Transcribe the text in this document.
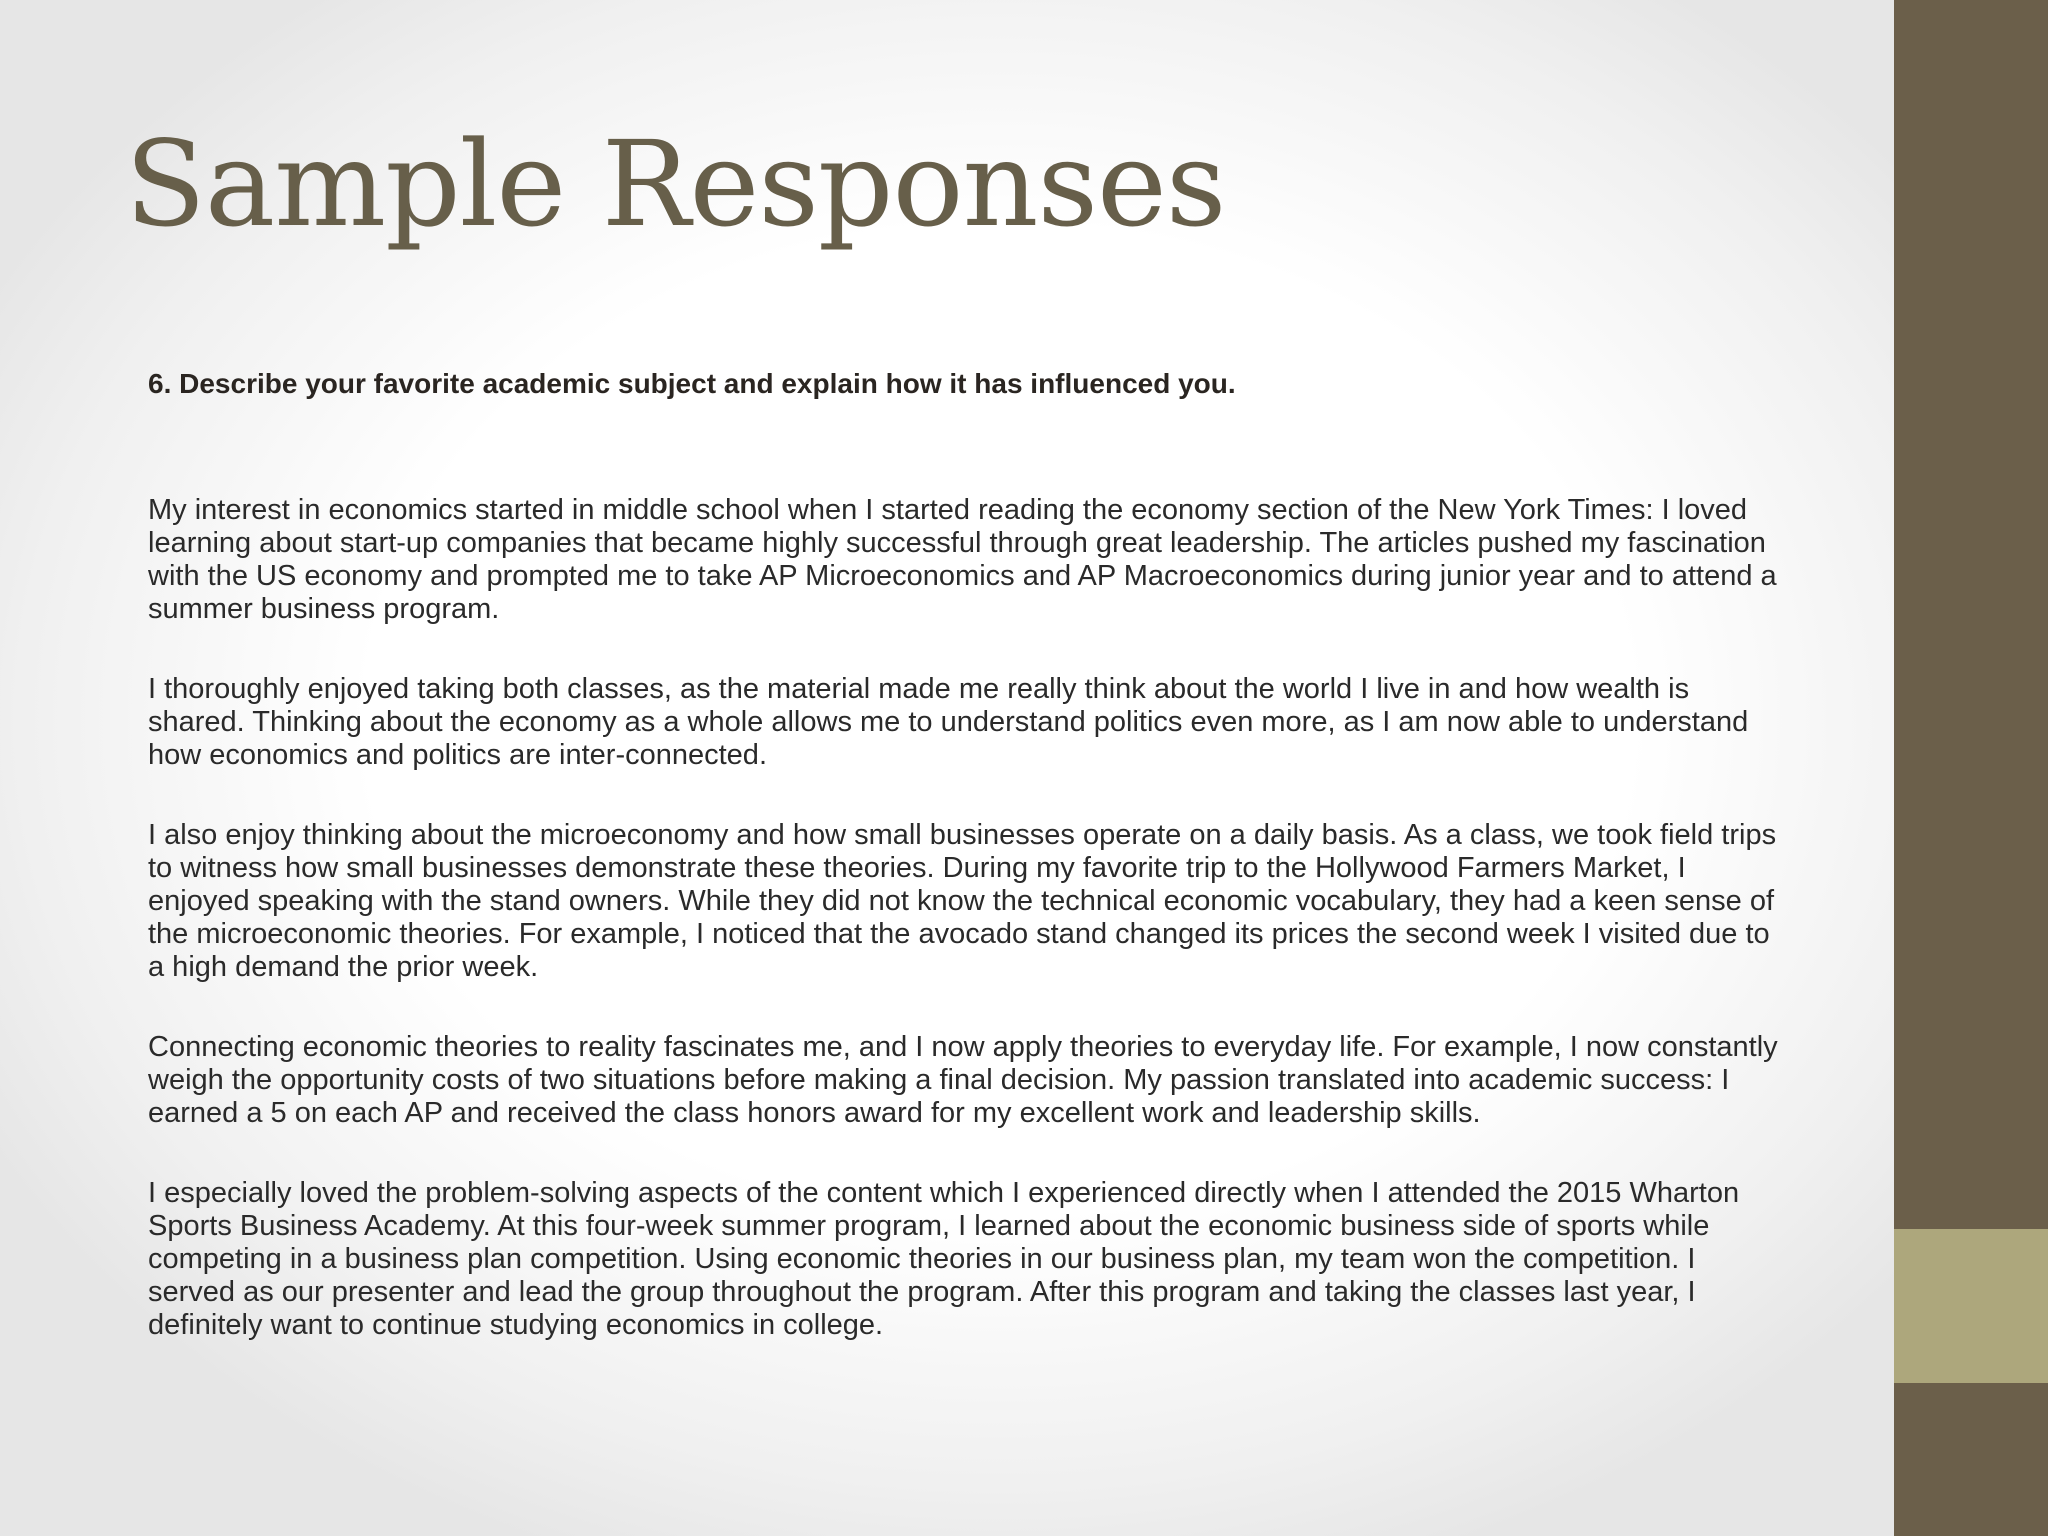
Sample Responses

6. Describe your favorite academic subject and explain how it has influenced you.

My interest in economics started in middle school when I started reading the economy section of the New York Times: I loved learning about start-up companies that became highly successful through great leadership. The articles pushed my fascination with the US economy and prompted me to take AP Microeconomics and AP Macroeconomics during junior year and to attend a summer business program.

I thoroughly enjoyed taking both classes, as the material made me really think about the world I live in and how wealth is shared. Thinking about the economy as a whole allows me to understand politics even more, as I am now able to understand how economics and politics are inter-connected.

I also enjoy thinking about the microeconomy and how small businesses operate on a daily basis. As a class, we took field trips to witness how small businesses demonstrate these theories. During my favorite trip to the Hollywood Farmers Market, I enjoyed speaking with the stand owners. While they did not know the technical economic vocabulary, they had a keen sense of the microeconomic theories. For example, I noticed that the avocado stand changed its prices the second week I visited due to a high demand the prior week.

Connecting economic theories to reality fascinates me, and I now apply theories to everyday life. For example, I now constantly weigh the opportunity costs of two situations before making a final decision. My passion translated into academic success: I earned a 5 on each AP and received the class honors award for my excellent work and leadership skills.

I especially loved the problem-solving aspects of the content which I experienced directly when I attended the 2015 Wharton Sports Business Academy. At this four-week summer program, I learned about the economic business side of sports while competing in a business plan competition. Using economic theories in our business plan, my team won the competition. I served as our presenter and lead the group throughout the program. After this program and taking the classes last year, I definitely want to continue studying economics in college.
